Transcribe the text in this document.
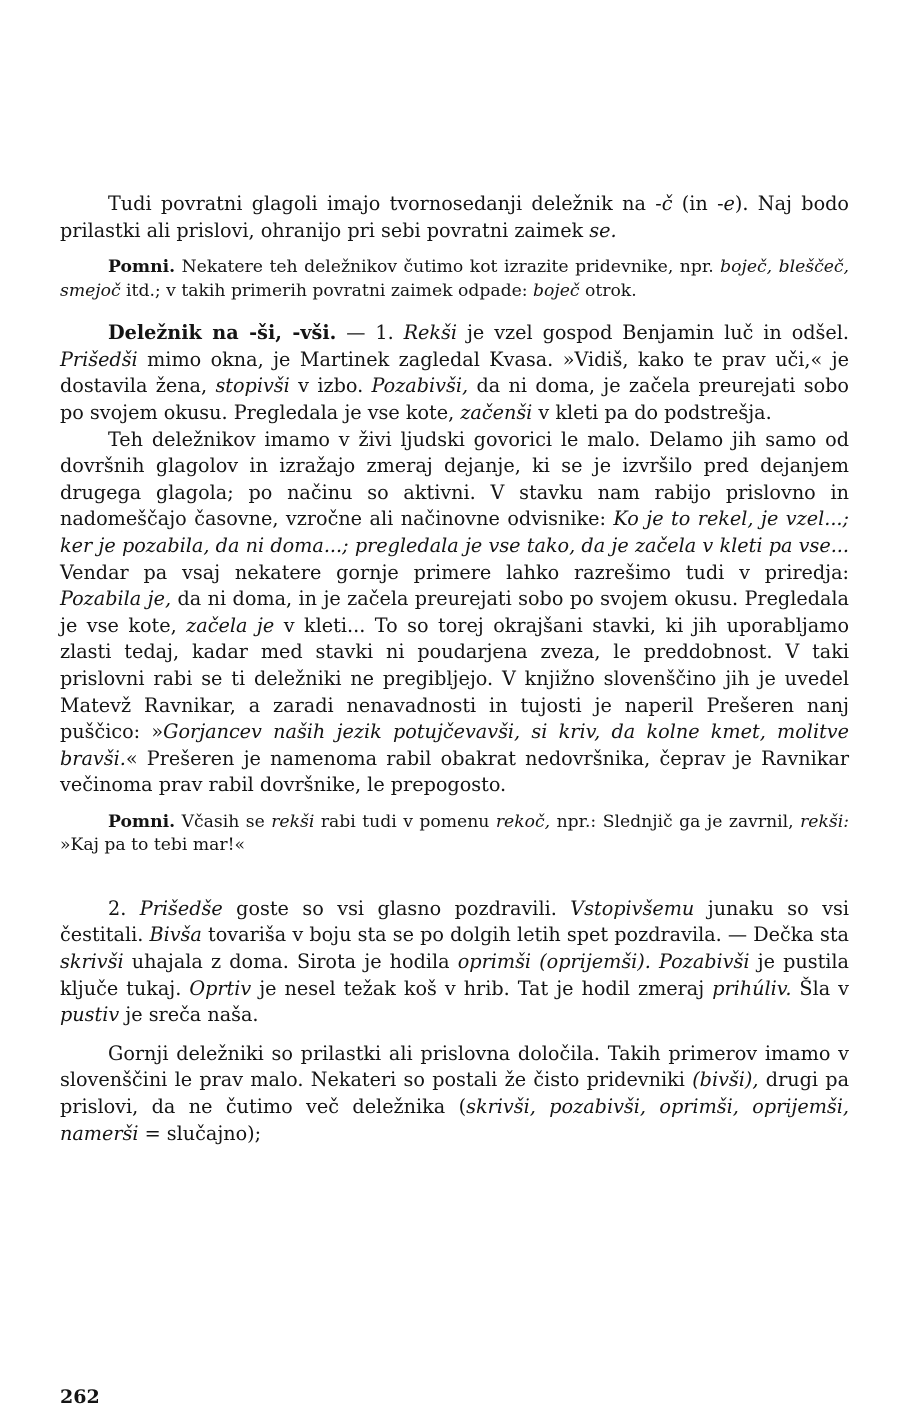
Tudi povratni glagoli imajo tvornosedanji deležnik na -č (in -e). Naj bodo prilastki ali prislovi, ohranijo pri sebi povratni zaimek se.

Pomni. Nekatere teh deležnikov čutimo kot izrazite pridevnike, npr. boječ, bleščeč, smejoč itd.; v takih primerih povratni zaimek odpade: boječ otrok.

Deležnik na -ši, -vši. — 1. Rekši je vzel gospod Benjamin luč in odšel. Prišedši mimo okna, je Martinek zagledal Kvasa. »Vidiš, kako te prav uči,« je dostavila žena, stopivši v izbo. Pozabivši, da ni doma, je začela preurejati sobo po svojem okusu. Pregledala je vse kote, začenši v kleti pa do podstrešja.

Teh deležnikov imamo v živi ljudski govorici le malo. Delamo jih samo od dovršnih glagolov in izražajo zmeraj dejanje, ki se je izvršilo pred dejanjem drugega glagola; po načinu so aktivni. V stavku nam rabijo prislovno in nadomeščajo časovne, vzročne ali načinovne odvisnike: Ko je to rekel, je vzel...; ker je pozabila, da ni doma...; pregledala je vse tako, da je začela v kleti pa vse... Vendar pa vsaj nekatere gornje primere lahko razrešimo tudi v priredja: Pozabila je, da ni doma, in je začela preurejati sobo po svojem okusu. Pregledala je vse kote, začela je v kleti... To so torej okrajšani stavki, ki jih uporabljamo zlasti tedaj, kadar med stavki ni poudarjena zveza, le preddobnost. V taki prislovni rabi se ti deležniki ne pregibljejo. V knjižno slovenščino jih je uvedel Matevž Ravnikar, a zaradi nenavadnosti in tujosti je naperil Prešeren nanj puščico: »Gorjancev naših jezik potujčevavši, si kriv, da kolne kmet, molitve bravši.« Prešeren je namenoma rabil obakrat nedovršnika, čeprav je Ravnikar večinoma prav rabil dovršnike, le prepogosto.

Pomni. Včasih se rekši rabi tudi v pomenu rekoč, npr.: Slednjič ga je zavrnil, rekši: »Kaj pa to tebi mar!«

2. Prišedše goste so vsi glasno pozdravili. Vstopivšemu junaku so vsi čestitali. Bivša tovariša v boju sta se po dolgih letih spet pozdravila. — Dečka sta skrivši uhajala z doma. Sirota je hodila oprimši (oprijemši). Pozabivši je pustila ključe tukaj. Oprtiv je nesel težak koš v hrib. Tat je hodil zmeraj prihúliv. Šla v pustiv je sreča naša.

Gornji deležniki so prilastki ali prislovna določila. Takih primerov imamo v slovenščini le prav malo. Nekateri so postali že čisto pridevniki (bivši), drugi pa prislovi, da ne čutimo več deležnika (skrivši, pozabivši, oprimši, oprijemši, namerši = slučajno);

262
